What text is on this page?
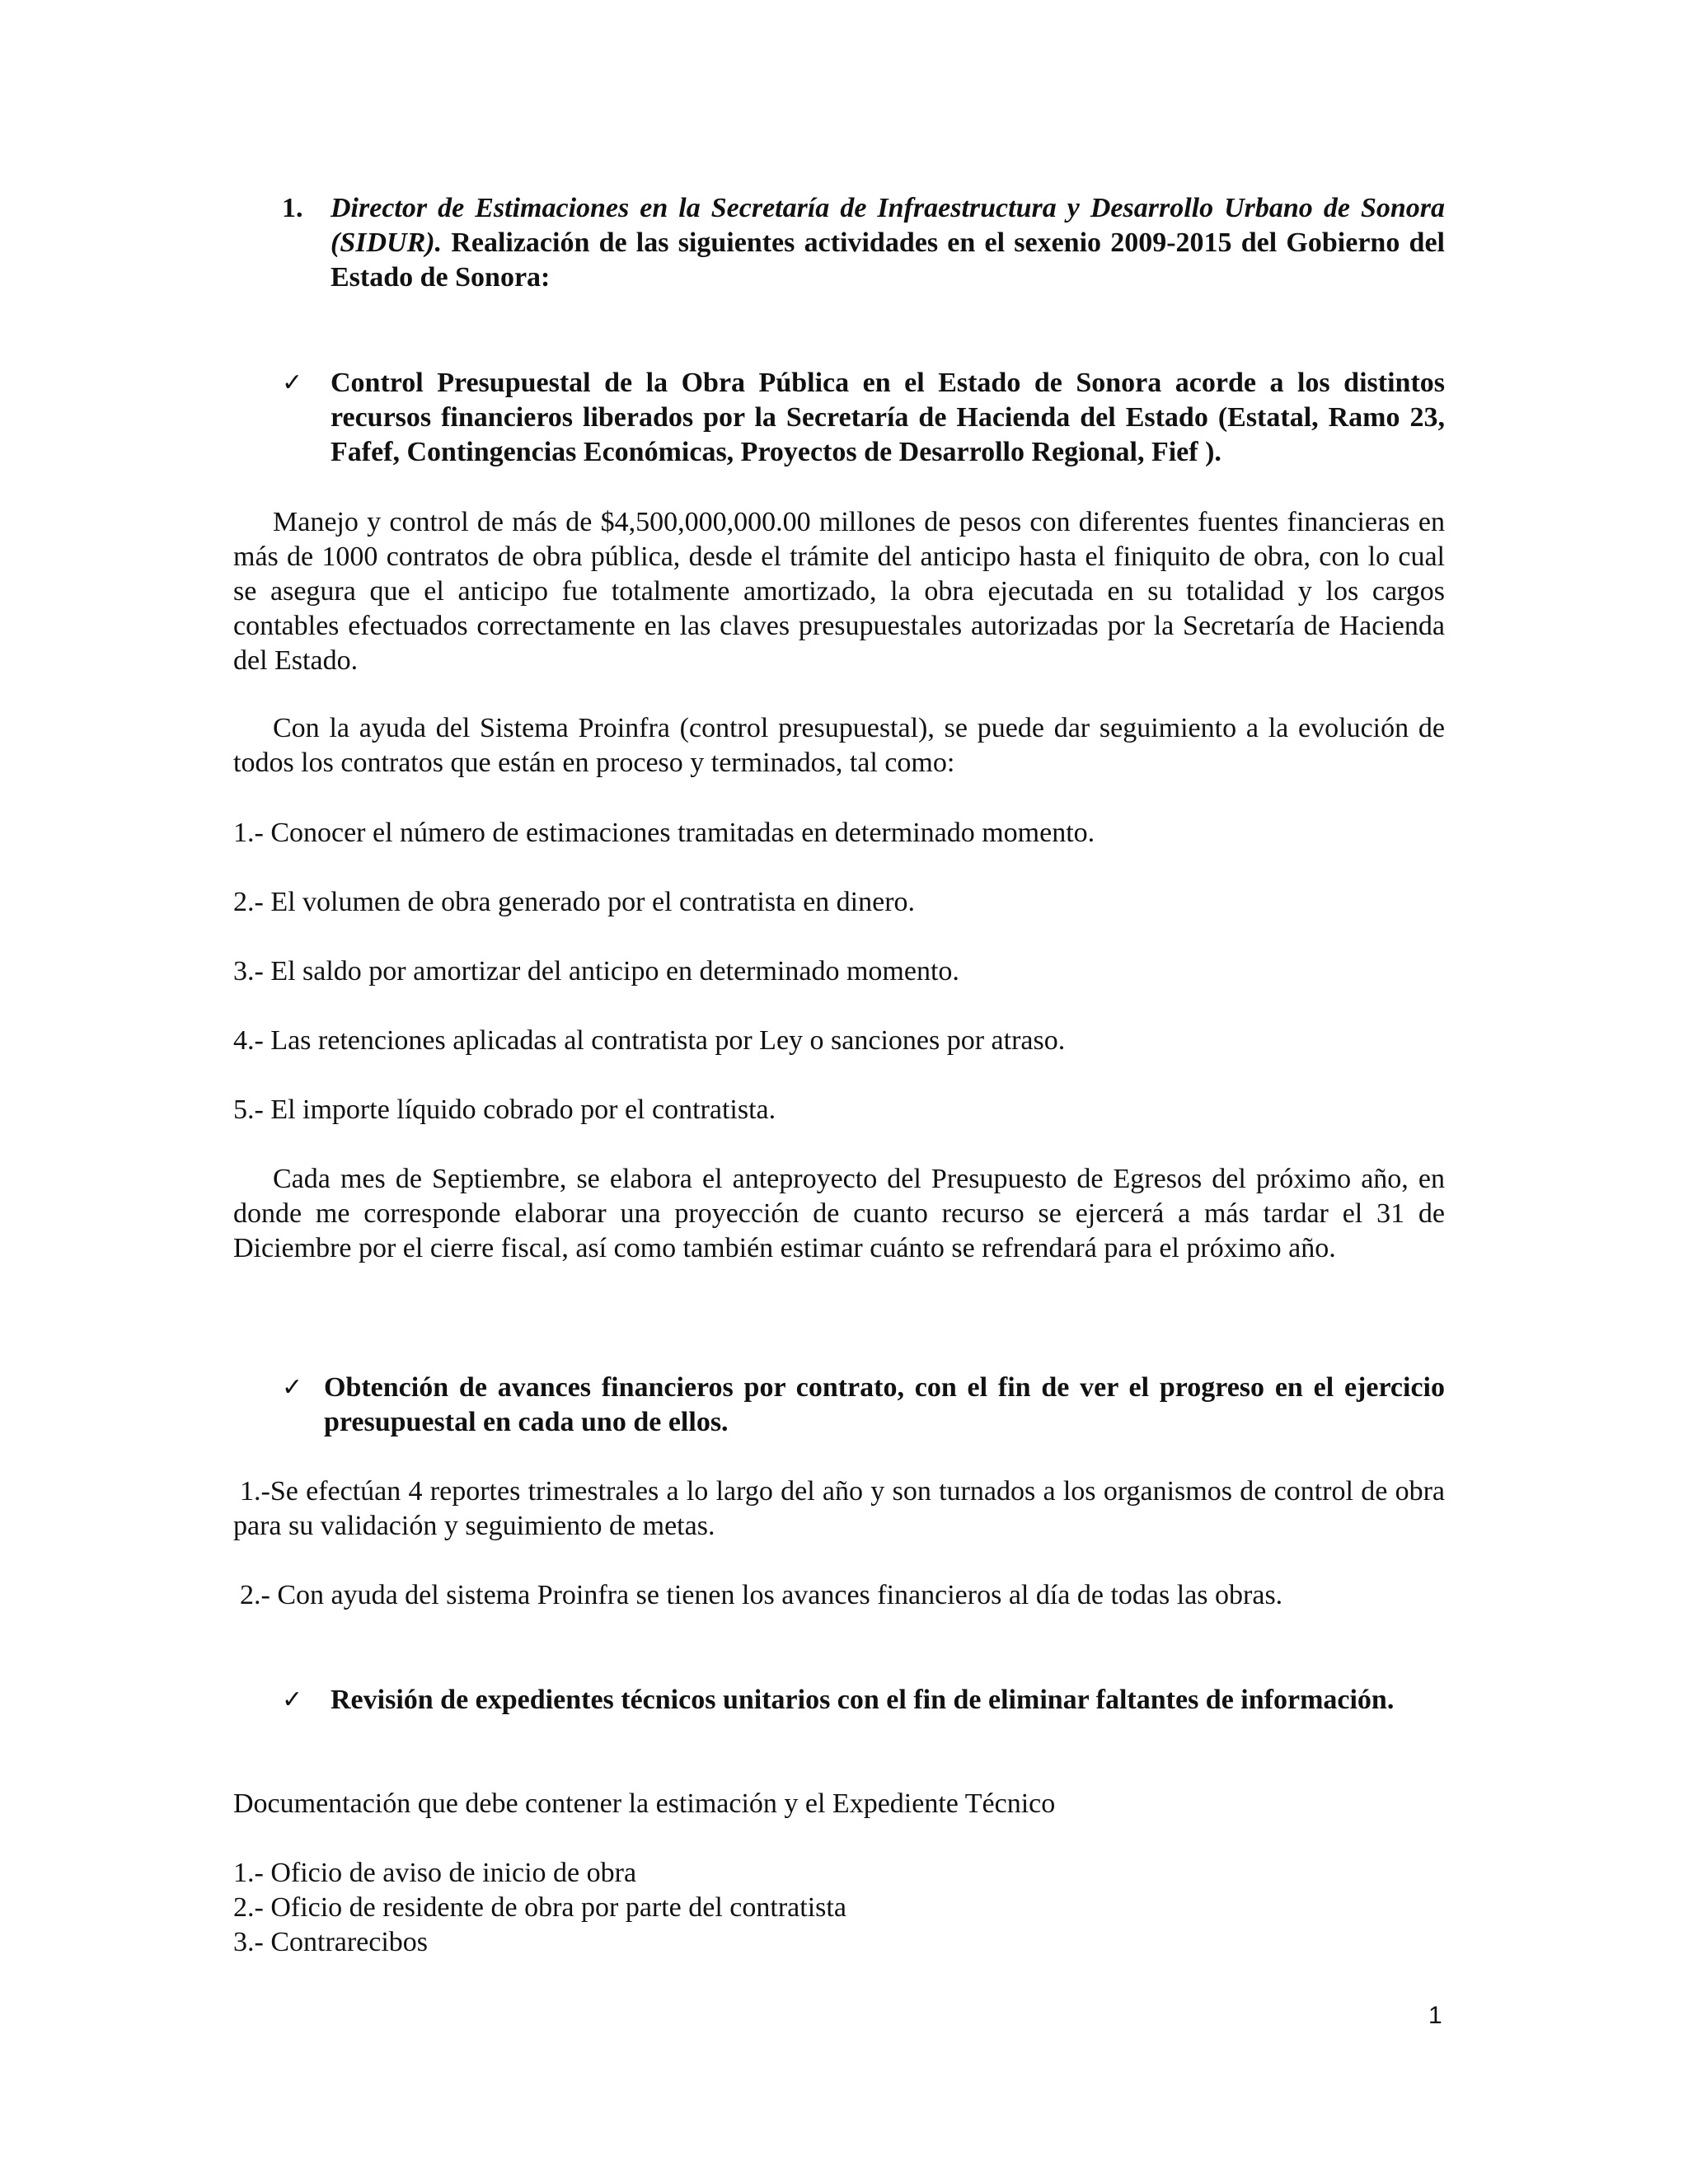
1. Director de Estimaciones en la Secretaría de Infraestructura y Desarrollo Urbano de Sonora (SIDUR). Realización de las siguientes actividades en el sexenio 2009-2015 del Gobierno del Estado de Sonora:

✓ Control Presupuestal de la Obra Pública en el Estado de Sonora acorde a los distintos recursos financieros liberados por la Secretaría de Hacienda del Estado (Estatal, Ramo 23, Fafef, Contingencias Económicas, Proyectos de Desarrollo Regional, Fief ).

Manejo y control de más de $4,500,000,000.00 millones de pesos con diferentes fuentes financieras en más de 1000 contratos de obra pública, desde el trámite del anticipo hasta el finiquito de obra, con lo cual se asegura que el anticipo fue totalmente amortizado, la obra ejecutada en su totalidad y los cargos contables efectuados correctamente en las claves presupuestales autorizadas por la Secretaría de Hacienda del Estado.

Con la ayuda del Sistema Proinfra (control presupuestal), se puede dar seguimiento a la evolución de todos los contratos que están en proceso y terminados, tal como:

1.- Conocer el número de estimaciones tramitadas en determinado momento.

2.- El volumen de obra generado por el contratista en dinero.

3.- El saldo por amortizar del anticipo en determinado momento.

4.- Las retenciones aplicadas al contratista por Ley o sanciones por atraso.

5.- El importe líquido cobrado por el contratista.

Cada mes de Septiembre, se elabora el anteproyecto del Presupuesto de Egresos del próximo año, en donde me corresponde elaborar una proyección de cuanto recurso se ejercerá a más tardar el 31 de Diciembre por el cierre fiscal, así como también estimar cuánto se refrendará para el próximo año.

✓ Obtención de avances financieros por contrato, con el fin de ver el progreso en el ejercicio presupuestal en cada uno de ellos.

1.-Se efectúan 4 reportes trimestrales a lo largo del año y son turnados a los organismos de control de obra para su validación y seguimiento de metas.

2.- Con ayuda del sistema Proinfra se tienen los avances financieros al día de todas las obras.

✓ Revisión de expedientes técnicos unitarios con el fin de eliminar faltantes de información.

Documentación que debe contener la estimación y el Expediente Técnico

1.- Oficio de aviso de inicio de obra

2.- Oficio de residente de obra por parte del contratista

3.- Contrarecibos

1
